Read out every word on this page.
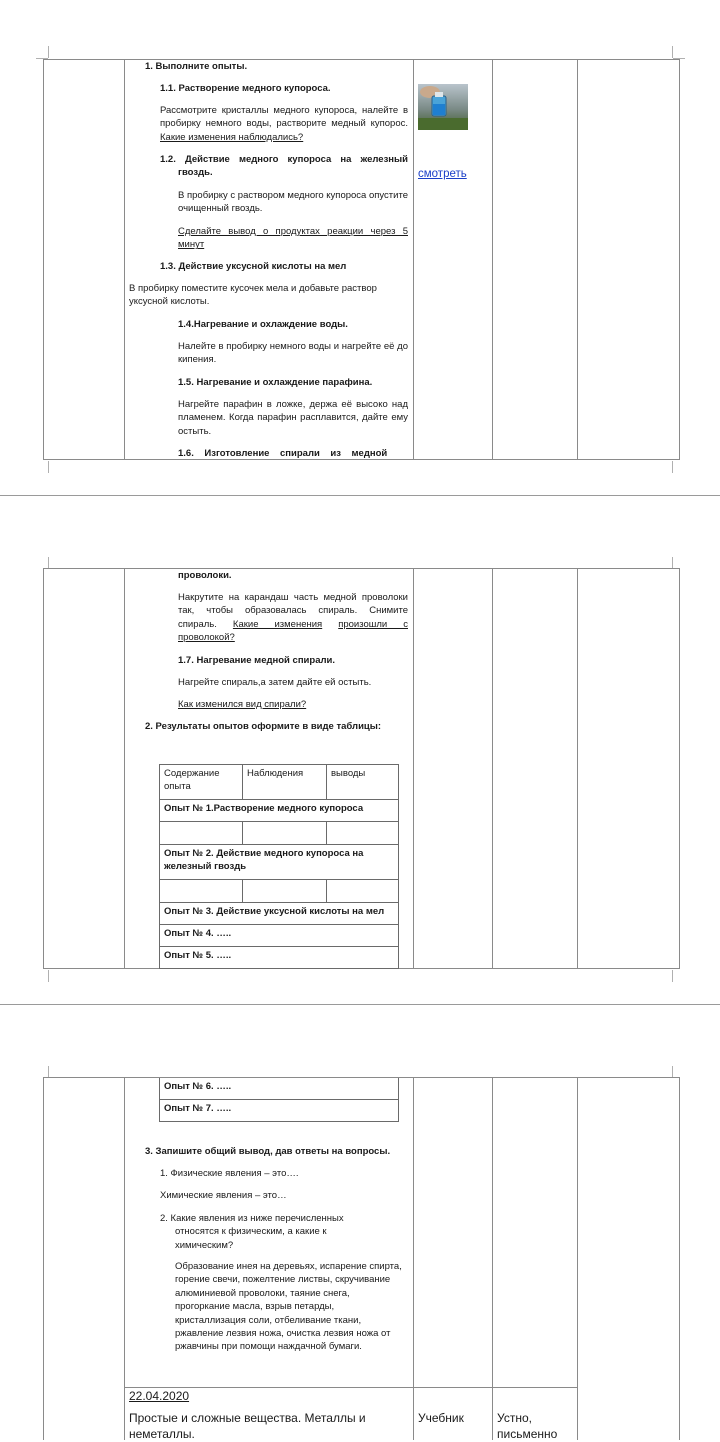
1. Выполните опыты.
1.1. Растворение медного купороса.
Рассмотрите кристаллы медного купороса, налейте в пробирку немного воды, растворите медный купорос. Какие изменения наблюдались?
1.2. Действие медного купороса на железный гвоздь.
В пробирку с раствором медного купороса опустите очищенный гвоздь.
Сделайте вывод о продуктах реакции через 5 минут
1.3. Действие уксусной кислоты на мел
В пробирку поместите кусочек мела и добавьте раствор уксусной кислоты.
1.4.Нагревание и охлаждение воды.
Налейте в пробирку немного воды и нагрейте её до кипения.
1.5. Нагревание и охлаждение парафина.
Нагрейте парафин в ложке, держа её высоко над пламенем. Когда парафин расплавится, дайте ему остыть.
1.6.    Изготовление    спирали    из    медной
смотреть
проволоки.
Накрутите на карандаш часть медной проволоки так, чтобы образовалась спираль. Снимите спираль. Какие изменения произошли с проволокой?
1.7. Нагревание медной спирали.
Нагрейте спираль,а затем дайте ей остыть.
Как изменился вид спирали?
2. Результаты опытов оформите в виде таблицы:
Содержание опыта	Наблюдения	выводы
Опыт № 1.Растворение медного купороса		

Опыт № 2. Действие медного купороса на железный гвоздь		

Опыт № 3. Действие уксусной кислоты на мел		
Опыт № 4. …..		
Опыт № 5. …..		
Опыт № 6. …..
Опыт № 7. …..
3. Запишите общий вывод, дав ответы на вопросы.
1. Физические явления – это….
Химические явления – это…
2. Какие явления из ниже перечисленных относятся к физическим, а какие к химическим?
Образование инея на деревьях, испарение спирта, горение свечи, пожелтение листвы, скручивание алюминиевой проволоки, таяние снега, прогоркание масла, взрыв петарды, кристаллизация соли, отбеливание ткани, ржавление лезвия ножа, очистка лезвия ножа от ржавчины при помощи наждачной бумаги.
22.04.2020
Простые и сложные вещества. Металлы и неметаллы.
Учебник	Устно, письменно
